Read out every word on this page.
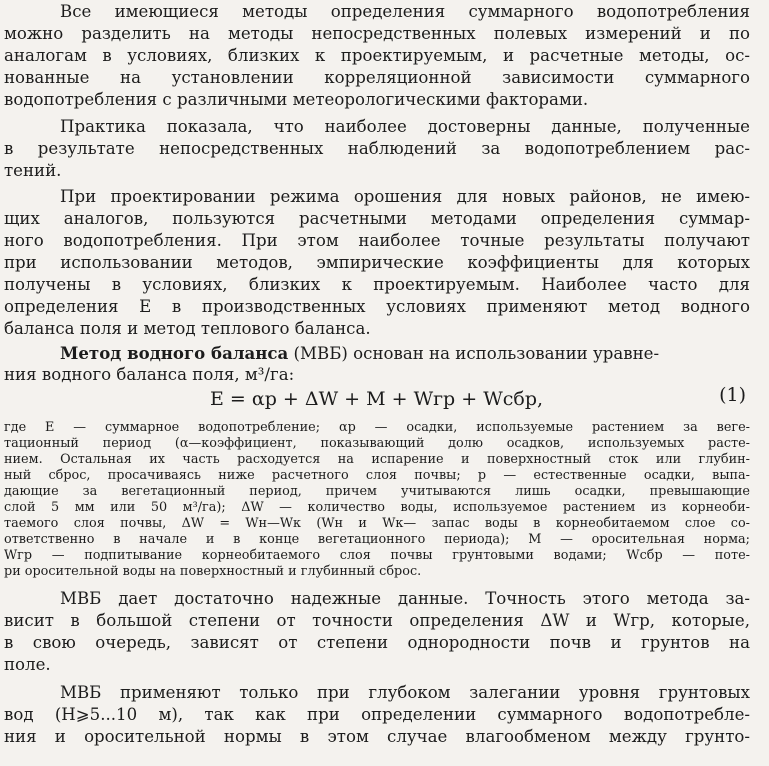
Все имеющиеся методы определения суммарного водопотребления
можно разделить на методы непосредственных полевых измерений и по
аналогам в условиях, близких к проектируемым, и расчетные методы, ос-
нованные на установлении корреляционной зависимости суммарного
водопотребления с различными метеорологическими факторами.
Практика показала, что наиболее достоверны данные, полученные
в результате непосредственных наблюдений за водопотреблением рас-
тений.
При проектировании режима орошения для новых районов, не имею-
щих аналогов, пользуются расчетными методами определения суммар-
ного водопотребления. При этом наиболее точные результаты получают
при использовании методов, эмпирические коэффициенты для которых
получены в условиях, близких к проектируемым. Наиболее часто для
определения E в производственных условиях применяют метод водного
баланса поля и метод теплового баланса.
Метод водного баланса (МВБ) основан на использовании уравне-
ния водного баланса поля, м³/га:
E = αp + ΔW + M + Wгр + Wсбр,	(1)
где E — суммарное водопотребление; αp — осадки, используемые растением за веге-
тационный период (α—коэффициент, показывающий долю осадков, используемых расте-
нием. Остальная их часть расходуется на испарение и поверхностный сток или глубин-
ный сброс, просачиваясь ниже расчетного слоя почвы; p — естественные осадки, выпа-
дающие за вегетационный период, причем учитываются лишь осадки, превышающие
слой 5 мм или 50 м³/га); ΔW — количество воды, используемое растением из корнеоби-
таемого слоя почвы, ΔW = Wн—Wк (Wн и Wк— запас воды в корнеобитаемом слое со-
ответственно в начале и в конце вегетационного периода); M — оросительная норма;
Wгр — подпитывание корнеобитаемого слоя почвы грунтовыми водами; Wсбр — поте-
ри оросительной воды на поверхностный и глубинный сброс.
МВБ дает достаточно надежные данные. Точность этого метода за-
висит в большой степени от точности определения ΔW и Wгр, которые,
в свою очередь, зависят от степени однородности почв и грунтов на
поле.
МВБ применяют только при глубоком залегании уровня грунтовых
вод (H⩾5...10 м), так как при определении суммарного водопотребле-
ния и оросительной нормы в этом случае влагообменом между грунто-
